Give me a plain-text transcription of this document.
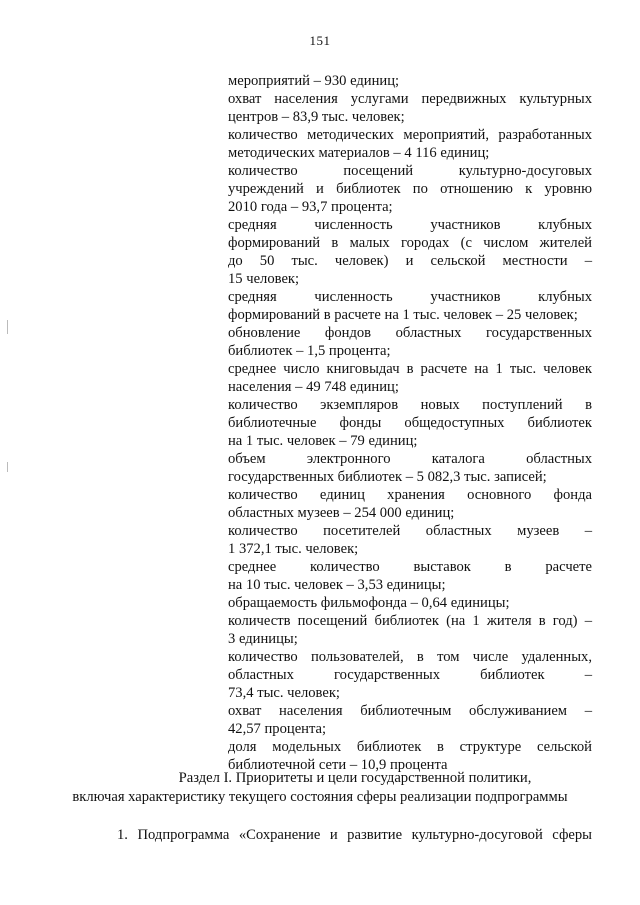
151
мероприятий – 930 единиц;
охват населения услугами передвижных культурных
центров – 83,9 тыс. человек;
количество методических мероприятий, разработанных
методических материалов – 4 116 единиц;
количество посещений культурно-досуговых
учреждений и библиотек по отношению к уровню
2010 года – 93,7 процента;
средняя численность участников клубных
формирований в малых городах (с числом жителей
до 50 тыс. человек) и сельской местности –
15 человек;
средняя численность участников клубных
формирований в расчете на 1 тыс. человек – 25 человек;
обновление фондов областных государственных
библиотек – 1,5 процента;
среднее число книговыдач в расчете на 1 тыс. человек
населения – 49 748 единиц;
количество экземпляров новых поступлений в
библиотечные фонды общедоступных библиотек
на 1 тыс. человек – 79 единиц;
объем электронного каталога областных
государственных библиотек – 5 082,3 тыс. записей;
количество единиц хранения основного фонда
областных музеев – 254 000 единиц;
количество посетителей областных музеев –
1 372,1 тыс. человек;
среднее количество выставок в расчете
на 10 тыс. человек – 3,53 единицы;
обращаемость фильмофонда – 0,64 единицы;
количеств посещений библиотек (на 1 жителя в год) –
3 единицы;
количество пользователей, в том числе удаленных,
областных государственных библиотек –
73,4 тыс. человек;
охват населения библиотечным обслуживанием –
42,57 процента;
доля модельных библиотек в структуре сельской
библиотечной сети – 10,9 процента
Раздел I. Приоритеты и цели государственной политики,
включая характеристику текущего состояния сферы реализации подпрограммы
1. Подпрограмма «Сохранение и развитие культурно-досуговой сферы
